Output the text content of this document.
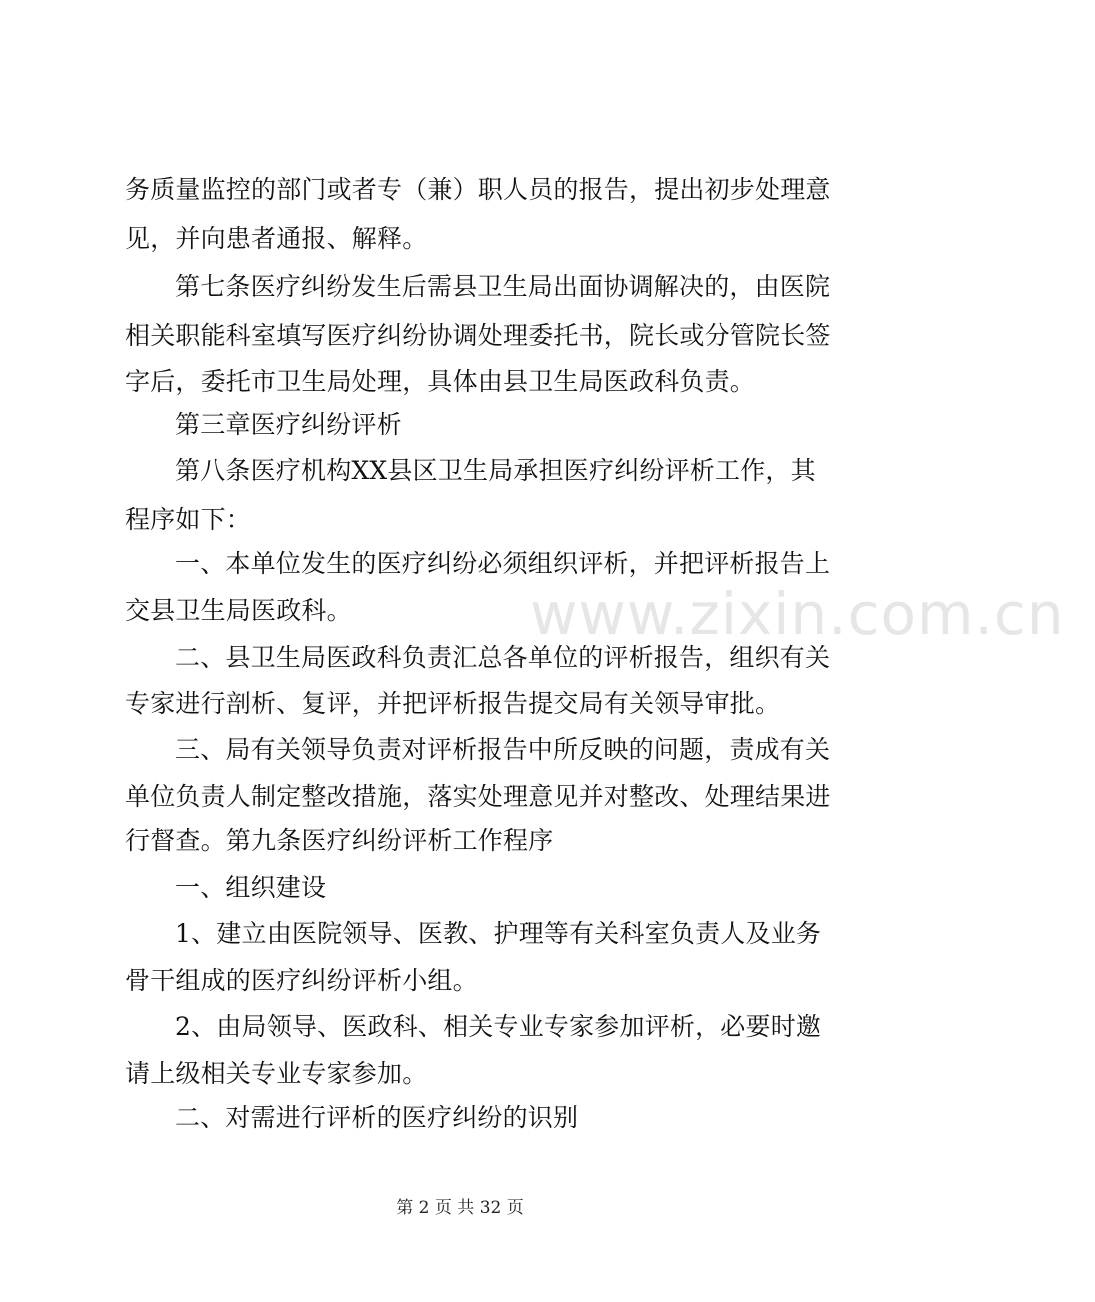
www.zixin.com.cn
务质量监控的部门或者专（兼）职人员的报告，提出初步处理意
见，并向患者通报、解释。
第七条医疗纠纷发生后需县卫生局出面协调解决的，由医院
相关职能科室填写医疗纠纷协调处理委托书，院长或分管院长签
字后，委托市卫生局处理，具体由县卫生局医政科负责。
第三章医疗纠纷评析
第八条医疗机构XX县区卫生局承担医疗纠纷评析工作，其
程序如下：
一、本单位发生的医疗纠纷必须组织评析，并把评析报告上
交县卫生局医政科。
二、县卫生局医政科负责汇总各单位的评析报告，组织有关
专家进行剖析、复评，并把评析报告提交局有关领导审批。
三、局有关领导负责对评析报告中所反映的问题，责成有关
单位负责人制定整改措施，落实处理意见并对整改、处理结果进
行督查。第九条医疗纠纷评析工作程序
一、组织建设
1、建立由医院领导、医教、护理等有关科室负责人及业务
骨干组成的医疗纠纷评析小组。
2、由局领导、医政科、相关专业专家参加评析，必要时邀
请上级相关专业专家参加。
二、对需进行评析的医疗纠纷的识别
第 2 页 共 32 页
